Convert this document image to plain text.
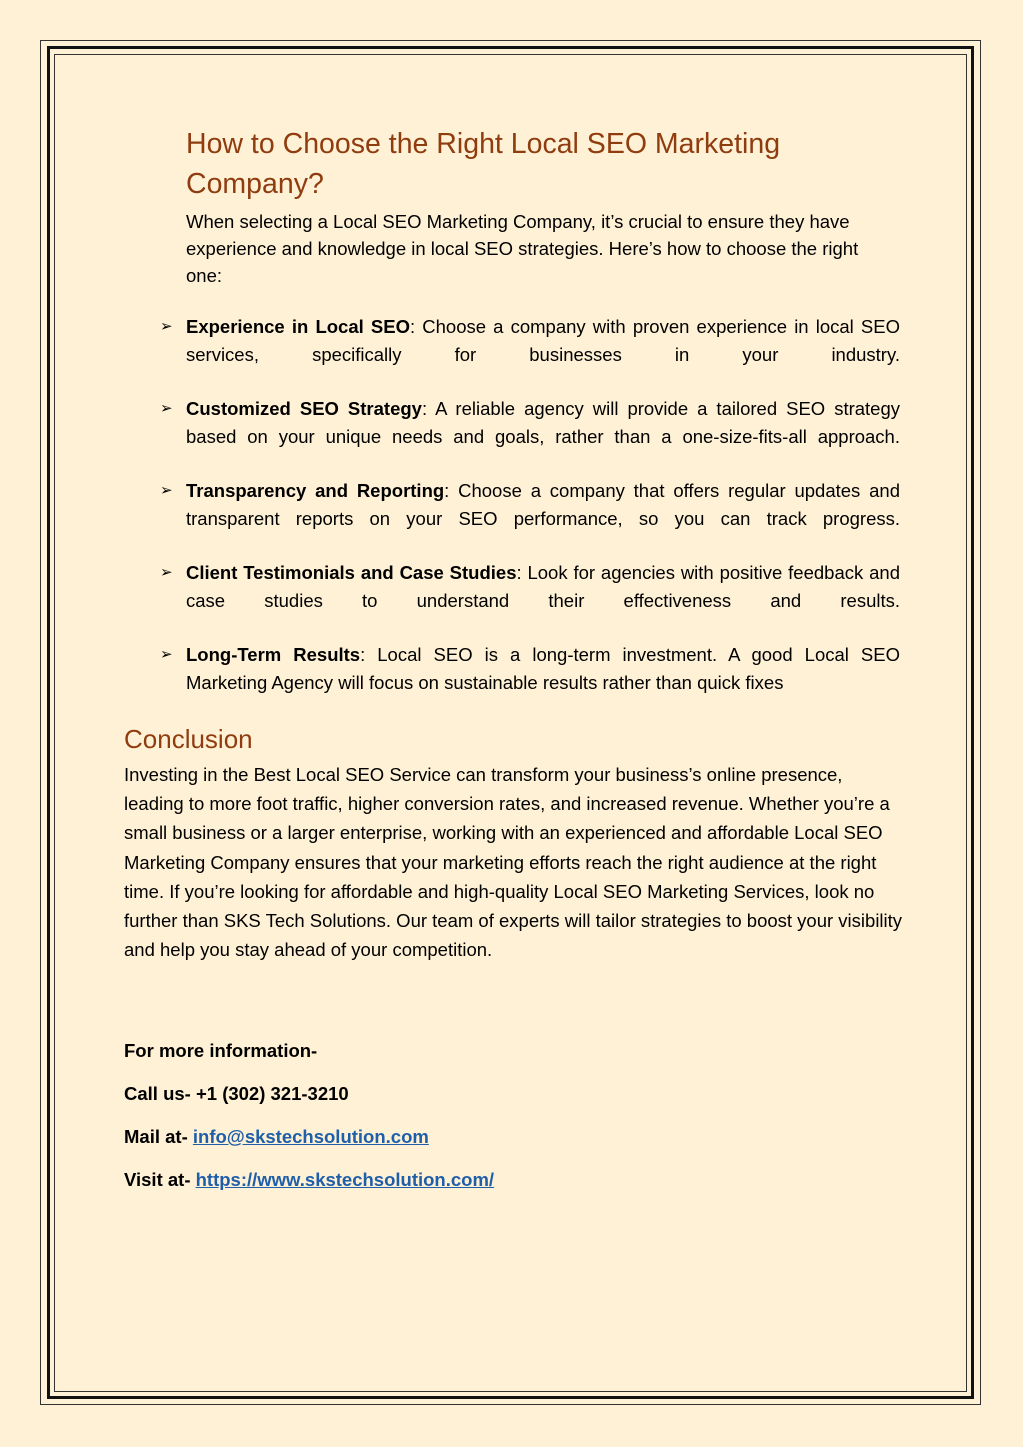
How to Choose the Right Local SEO Marketing Company?

When selecting a Local SEO Marketing Company, it’s crucial to ensure they have experience and knowledge in local SEO strategies. Here’s how to choose the right one:

➢ Experience in Local SEO: Choose a company with proven experience in local SEO services, specifically for businesses in your industry.
➢ Customized SEO Strategy: A reliable agency will provide a tailored SEO strategy based on your unique needs and goals, rather than a one-size-fits-all approach.
➢ Transparency and Reporting: Choose a company that offers regular updates and transparent reports on your SEO performance, so you can track progress.
➢ Client Testimonials and Case Studies: Look for agencies with positive feedback and case studies to understand their effectiveness and results.
➢ Long-Term Results: Local SEO is a long-term investment. A good Local SEO Marketing Agency will focus on sustainable results rather than quick fixes
Conclusion

Investing in the Best Local SEO Service can transform your business’s online presence, leading to more foot traffic, higher conversion rates, and increased revenue. Whether you’re a small business or a larger enterprise, working with an experienced and affordable Local SEO Marketing Company ensures that your marketing efforts reach the right audience at the right time. If you’re looking for affordable and high-quality Local SEO Marketing Services, look no further than SKS Tech Solutions. Our team of experts will tailor strategies to boost your visibility and help you stay ahead of your competition.

For more information-

Call us- +1 (302) 321-3210

Mail at- info@skstechsolution.com

Visit at- https://www.skstechsolution.com/
